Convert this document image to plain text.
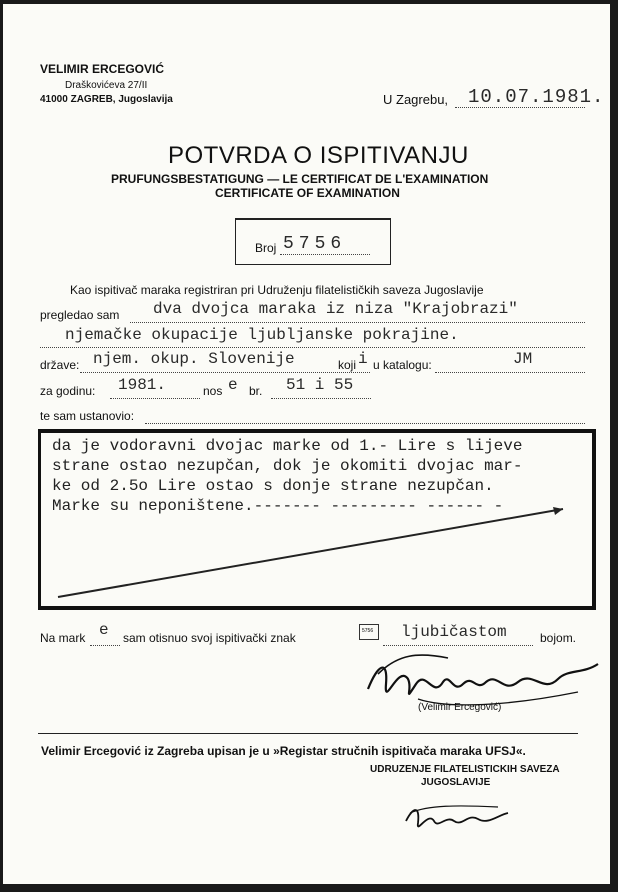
VELIMIR ERCEGOVIĆ
Draškovićeva 27/II
41000 ZAGREB, Jugoslavija	U Zagrebu, 10.07.1981.
POTVRDA O ISPITIVANJU
PRUFUNGSBESTATIGUNG — LE CERTIFICAT DE L'EXAMINATION
CERTIFICATE OF EXAMINATION
Broj 5756
Kao ispitivač maraka registriran pri Udruženju filatelističkih saveza Jugoslavije
pregledao sam dva dvojca maraka iz niza "Krajobrazi"
njemačke okupacije ljubljanske pokrajine.
države: njem. okup. Slovenije	koji i u katalogu:	JM
za godinu: 1981.	nos e br. 51 i 55
te sam ustanovio:
da je vodoravni dvojac marke od 1.- Lire s lijeve
strane ostao nezupčan, dok je okomiti dvojac mar-
ke od 2.5o Lire ostao s donje strane nezupčan.
Marke su neponištene.------- --------- ------ -
Na mark e sam otisnuo svoj ispitivački znak	5756 ljubičastom	bojom.
(Velimir Ercegović)
Velimir Ercegović iz Zagreba upisan je u »Registar stručnih ispitivača maraka UFSJ«.
UDRUZENJE FILATELISTICKIH SAVEZA
JUGOSLAVIJE
